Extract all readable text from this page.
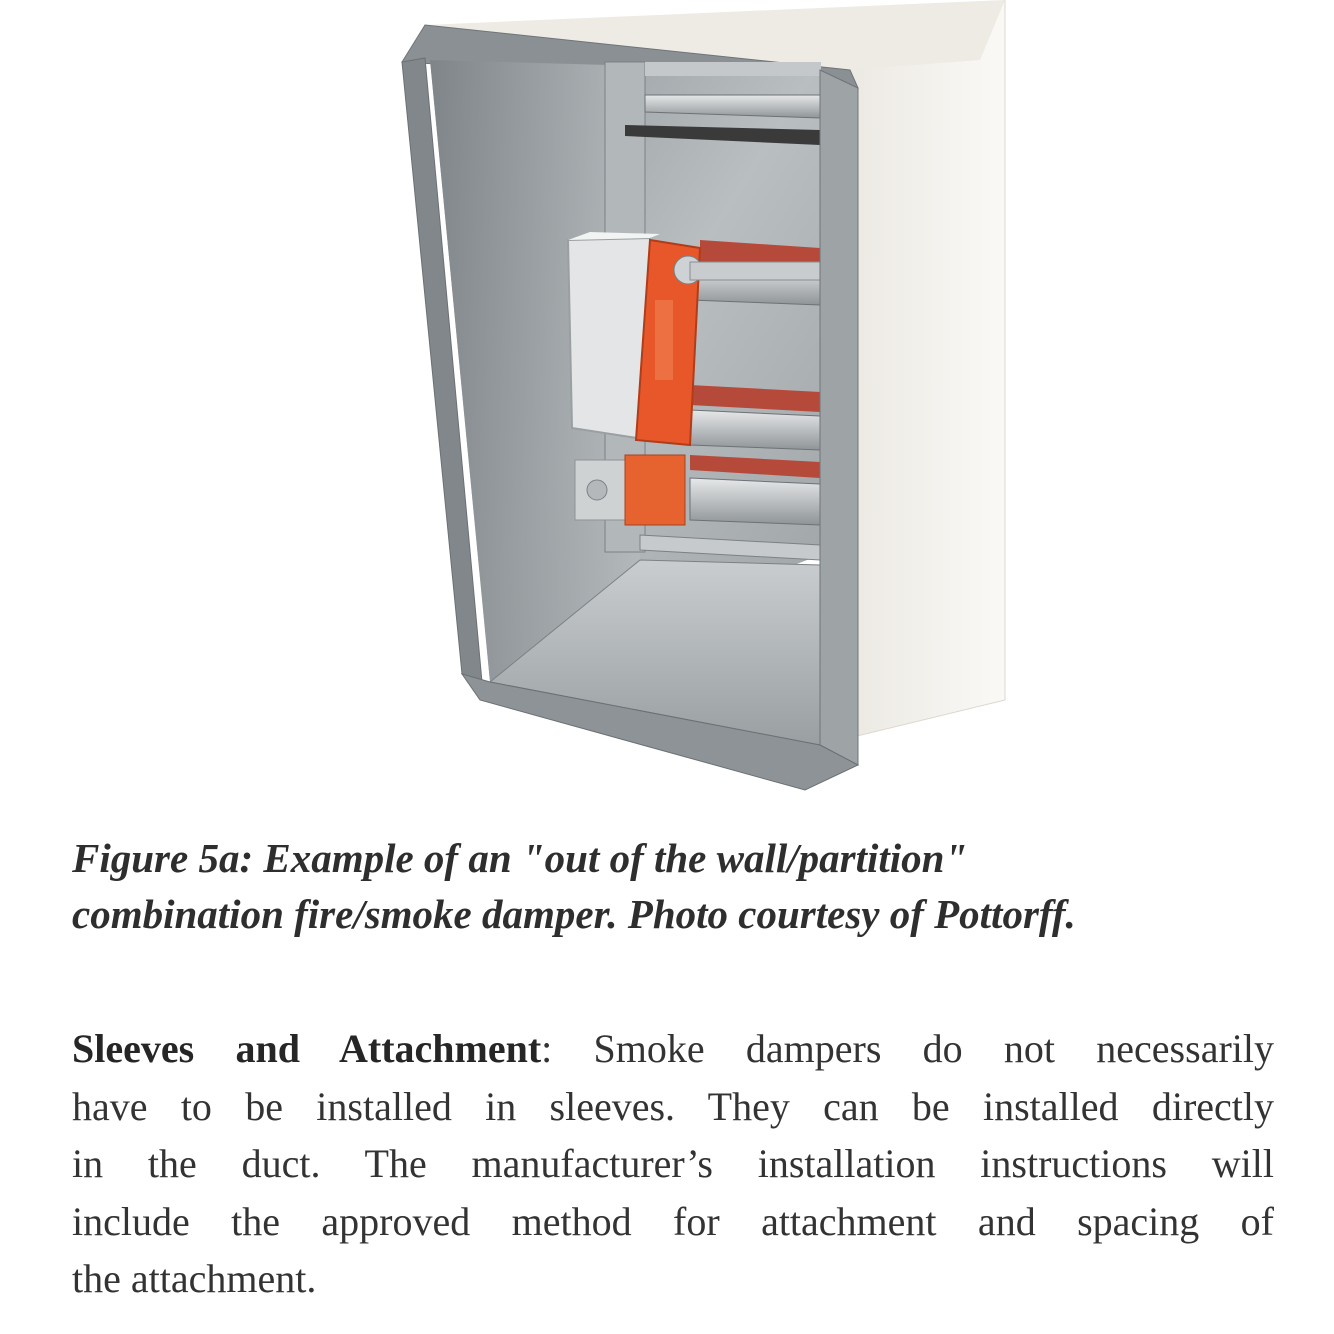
Figure 5a: Example of an "out of the wall/partition"
combination fire/smoke damper. Photo courtesy of Pottorff.

Sleeves and Attachment: Smoke dampers do not necessarily
have to be installed in sleeves. They can be installed directly
in the duct. The manufacturer’s installation instructions will
include the approved method for attachment and spacing of
the attachment.
